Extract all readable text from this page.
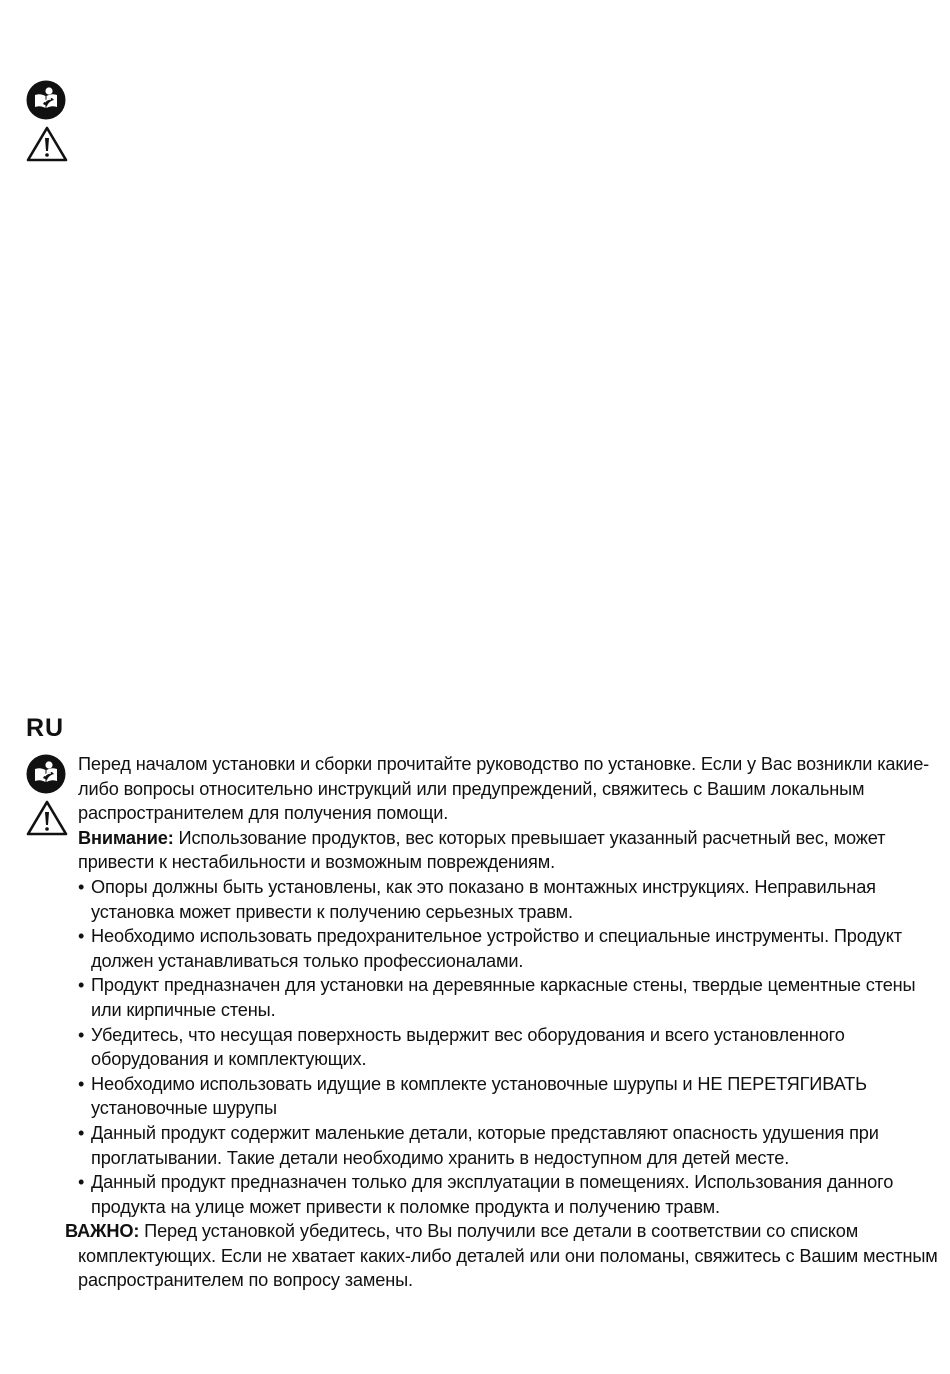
RU

Перед началом установки и сборки прочитайте руководство по установке. Если у Вас возникли какие-либо вопросы относительно инструкций или предупреждений, свяжитесь с Вашим локальным распространителем для получения помощи.

Внимание: Использование продуктов, вес которых превышает указанный расчетный вес, может привести к нестабильности и возможным повреждениям.

• Опоры должны быть установлены, как это показано в монтажных инструкциях. Неправильная установка может привести к получению серьезных травм.
• Необходимо использовать предохранительное устройство и специальные инструменты. Продукт должен устанавливаться только профессионалами.
• Продукт предназначен для установки на деревянные каркасные стены, твердые цементные стены или кирпичные стены.
• Убедитесь, что несущая поверхность выдержит вес оборудования и всего установленного оборудования и комплектующих.
• Необходимо использовать идущие в комплекте установочные шурупы и НЕ ПЕРЕТЯГИВАТЬ установочные шурупы
• Данный продукт содержит маленькие детали, которые представляют опасность удушения при проглатывании. Такие детали необходимо хранить в недоступном для детей месте.
• Данный продукт предназначен только для эксплуатации в помещениях. Использования данного продукта на улице может привести к поломке продукта и получению травм.

ВАЖНО: Перед установкой убедитесь, что Вы получили все детали в соответствии со списком комплектующих. Если не хватает каких-либо деталей или они поломаны, свяжитесь с Вашим местным распространителем по вопросу замены.
